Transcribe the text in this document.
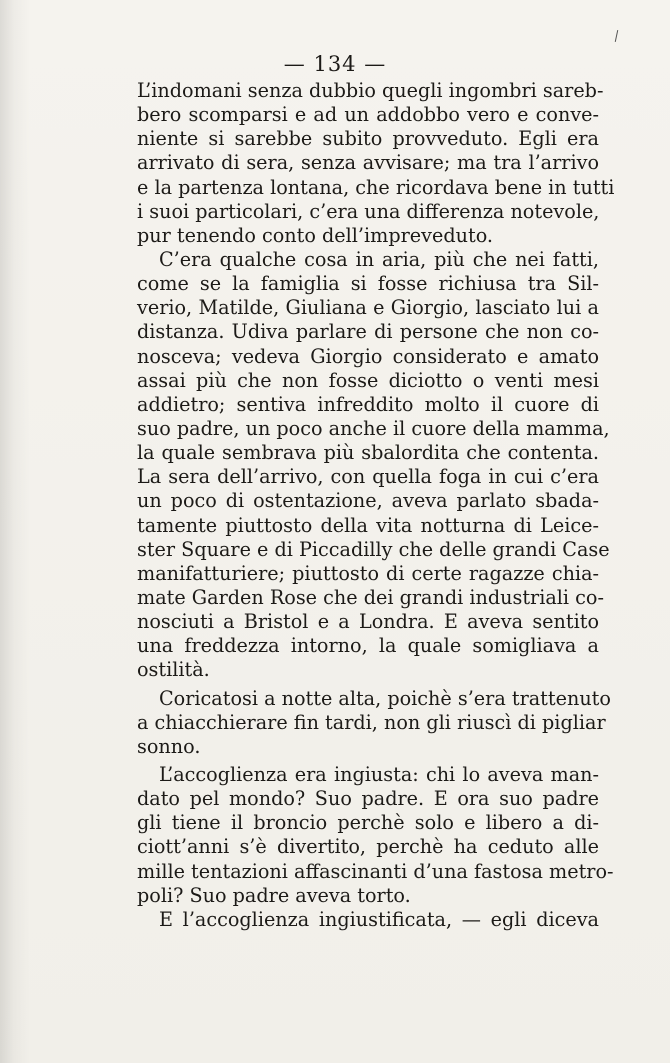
— 134 —
L’indomani senza dubbio quegli ingombri sareb-
bero scomparsi e ad un addobbo vero e conve-
niente si sarebbe subito provveduto. Egli era
arrivato di sera, senza avvisare; ma tra l’arrivo
e la partenza lontana, che ricordava bene in tutti
i suoi particolari, c’era una differenza notevole,
pur tenendo conto dell’impreveduto.
C’era qualche cosa in aria, più che nei fatti,
come se la famiglia si fosse richiusa tra Sil-
verio, Matilde, Giuliana e Giorgio, lasciato lui a
distanza. Udiva parlare di persone che non co-
nosceva; vedeva Giorgio considerato e amato
assai più che non fosse diciotto o venti mesi
addietro; sentiva infreddito molto il cuore di
suo padre, un poco anche il cuore della mamma,
la quale sembrava più sbalordita che contenta.
La sera dell’arrivo, con quella foga in cui c’era
un poco di ostentazione, aveva parlato sbada-
tamente piuttosto della vita notturna di Leice-
ster Square e di Piccadilly che delle grandi Case
manifatturiere; piuttosto di certe ragazze chia-
mate Garden Rose che dei grandi industriali co-
nosciuti a Bristol e a Londra. E aveva sentito
una freddezza intorno, la quale somigliava a
ostilità.
Coricatosi a notte alta, poichè s’era trattenuto
a chiacchierare fin tardi, non gli riuscì di pigliar
sonno.
L’accoglienza era ingiusta: chi lo aveva man-
dato pel mondo? Suo padre. E ora suo padre
gli tiene il broncio perchè solo e libero a di-
ciott’anni s’è divertito, perchè ha ceduto alle
mille tentazioni affascinanti d’una fastosa metro-
poli? Suo padre aveva torto.
E l’accoglienza ingiustificata, — egli diceva
